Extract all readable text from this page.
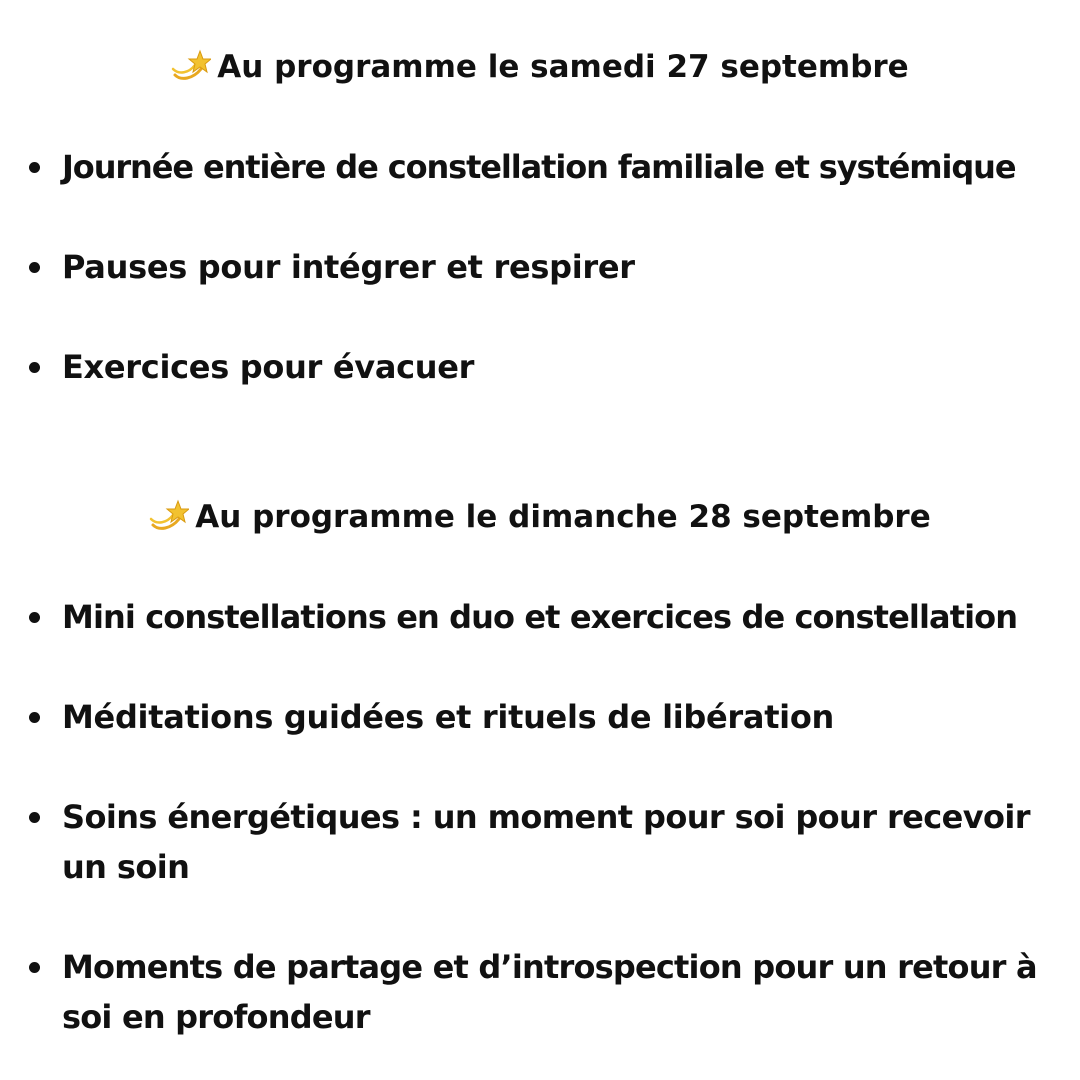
Au programme le samedi 27 septembre
Journée entière de constellation familiale et systémique
Pauses pour intégrer et respirer
Exercices pour évacuer
Au programme le dimanche 28 septembre
Mini constellations en duo et exercices de constellation
Méditations guidées et rituels de libération
Soins énergétiques : un moment pour soi pour recevoir un soin
Moments de partage et d’introspection pour un retour à soi en profondeur
